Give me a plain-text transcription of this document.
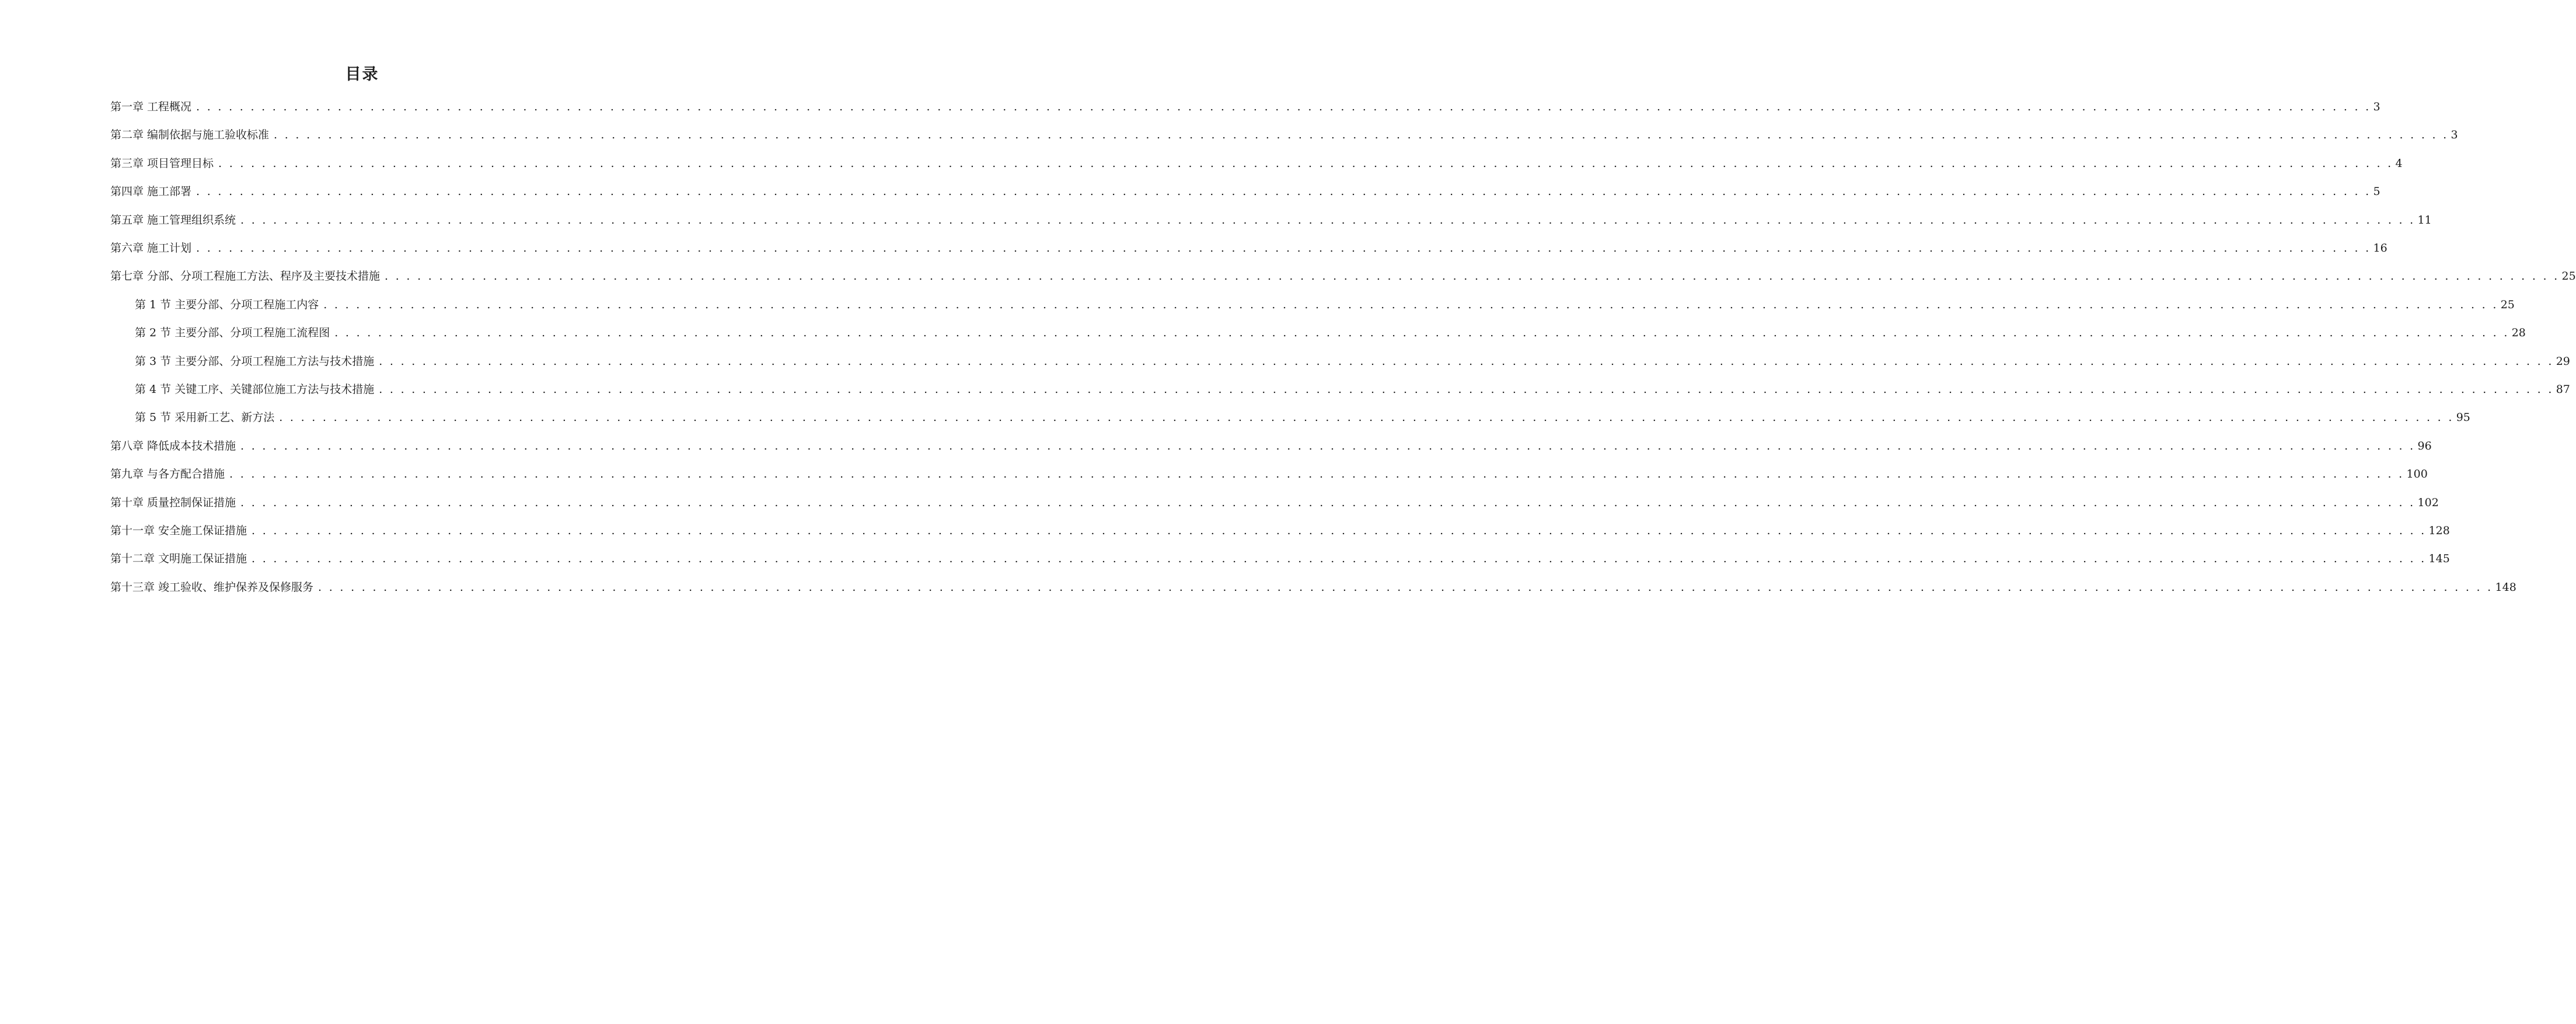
目录
第一章 工程概况 . . . . . . . . . . . . . . . . . . . . . . . . . . . . . . . . . . . . . . . . . . . . . . . . . . . . . . . . . . . . . . . . . . . . . . . . . . . . . . . . . . . . . . . . . . . . . . . . . . . . . . . . . . . . . . . . . . . . . . . . . . . . . . . . . . . . . . . . . . . . . . . . . . . . . . . . . . . . . . . . . . . . . . . . . . . . . . . . . . . . . . . . . . . . . . . . . . . . . . . . 3
第二章 编制依据与施工验收标准 . . . . . . . . . . . . . . . . . . . . . . . . . . . . . . . . . . . . . . . . . . . . . . . . . . . . . . . . . . . . . . . . . . . . . . . . . . . . . . . . . . . . . . . . . . . . . . . . . . . . . . . . . . . . . . . . . . . . . . . . . . . . . . . . . . . . . . . . . . . . . . . . . . . . . . . . . . . . . . . . . . . . . . . . . . . . . . . . . . . . . . . . . . . . . . . . . . . . . . . . 3
第三章 项目管理目标 . . . . . . . . . . . . . . . . . . . . . . . . . . . . . . . . . . . . . . . . . . . . . . . . . . . . . . . . . . . . . . . . . . . . . . . . . . . . . . . . . . . . . . . . . . . . . . . . . . . . . . . . . . . . . . . . . . . . . . . . . . . . . . . . . . . . . . . . . . . . . . . . . . . . . . . . . . . . . . . . . . . . . . . . . . . . . . . . . . . . . . . . . . . . . . . . . . . . . . . . 4
第四章 施工部署 . . . . . . . . . . . . . . . . . . . . . . . . . . . . . . . . . . . . . . . . . . . . . . . . . . . . . . . . . . . . . . . . . . . . . . . . . . . . . . . . . . . . . . . . . . . . . . . . . . . . . . . . . . . . . . . . . . . . . . . . . . . . . . . . . . . . . . . . . . . . . . . . . . . . . . . . . . . . . . . . . . . . . . . . . . . . . . . . . . . . . . . . . . . . . . . . . . . . . . . . 5
第五章 施工管理组织系统 . . . . . . . . . . . . . . . . . . . . . . . . . . . . . . . . . . . . . . . . . . . . . . . . . . . . . . . . . . . . . . . . . . . . . . . . . . . . . . . . . . . . . . . . . . . . . . . . . . . . . . . . . . . . . . . . . . . . . . . . . . . . . . . . . . . . . . . . . . . . . . . . . . . . . . . . . . . . . . . . . . . . . . . . . . . . . . . . . . . . . . . . . . . . . . . . . . . . . . . . 11
第六章 施工计划 . . . . . . . . . . . . . . . . . . . . . . . . . . . . . . . . . . . . . . . . . . . . . . . . . . . . . . . . . . . . . . . . . . . . . . . . . . . . . . . . . . . . . . . . . . . . . . . . . . . . . . . . . . . . . . . . . . . . . . . . . . . . . . . . . . . . . . . . . . . . . . . . . . . . . . . . . . . . . . . . . . . . . . . . . . . . . . . . . . . . . . . . . . . . . . . . . . . . . . . . 16
第七章 分部、分项工程施工方法、程序及主要技术措施 . . . . . . . . . . . . . . . . . . . . . . . . . . . . . . . . . . . . . . . . . . . . . . . . . . . . . . . . . . . . . . . . . . . . . . . . . . . . . . . . . . . . . . . . . . . . . . . . . . . . . . . . . . . . . . . . . . . . . . . . . . . . . . . . . . . . . . . . . . . . . . . . . . . . . . . . . . . . . . . . . . . . . . . . . . . . . . . . . . . . . . . . . . . . . . . . . . . . . . . . 25
第 1 节 主要分部、分项工程施工内容 . . . . . . . . . . . . . . . . . . . . . . . . . . . . . . . . . . . . . . . . . . . . . . . . . . . . . . . . . . . . . . . . . . . . . . . . . . . . . . . . . . . . . . . . . . . . . . . . . . . . . . . . . . . . . . . . . . . . . . . . . . . . . . . . . . . . . . . . . . . . . . . . . . . . . . . . . . . . . . . . . . . . . . . . . . . . . . . . . . . . . . . . . . . . . . . . . . . . . . . . 25
第 2 节 主要分部、分项工程施工流程图 . . . . . . . . . . . . . . . . . . . . . . . . . . . . . . . . . . . . . . . . . . . . . . . . . . . . . . . . . . . . . . . . . . . . . . . . . . . . . . . . . . . . . . . . . . . . . . . . . . . . . . . . . . . . . . . . . . . . . . . . . . . . . . . . . . . . . . . . . . . . . . . . . . . . . . . . . . . . . . . . . . . . . . . . . . . . . . . . . . . . . . . . . . . . . . . . . . . . . . . . 28
第 3 节 主要分部、分项工程施工方法与技术措施 . . . . . . . . . . . . . . . . . . . . . . . . . . . . . . . . . . . . . . . . . . . . . . . . . . . . . . . . . . . . . . . . . . . . . . . . . . . . . . . . . . . . . . . . . . . . . . . . . . . . . . . . . . . . . . . . . . . . . . . . . . . . . . . . . . . . . . . . . . . . . . . . . . . . . . . . . . . . . . . . . . . . . . . . . . . . . . . . . . . . . . . . . . . . . . . . . . . . . . . . 29
第 4 节 关键工序、关键部位施工方法与技术措施 . . . . . . . . . . . . . . . . . . . . . . . . . . . . . . . . . . . . . . . . . . . . . . . . . . . . . . . . . . . . . . . . . . . . . . . . . . . . . . . . . . . . . . . . . . . . . . . . . . . . . . . . . . . . . . . . . . . . . . . . . . . . . . . . . . . . . . . . . . . . . . . . . . . . . . . . . . . . . . . . . . . . . . . . . . . . . . . . . . . . . . . . . . . . . . . . . . . . . . . . 87
第 5 节 采用新工艺、新方法 . . . . . . . . . . . . . . . . . . . . . . . . . . . . . . . . . . . . . . . . . . . . . . . . . . . . . . . . . . . . . . . . . . . . . . . . . . . . . . . . . . . . . . . . . . . . . . . . . . . . . . . . . . . . . . . . . . . . . . . . . . . . . . . . . . . . . . . . . . . . . . . . . . . . . . . . . . . . . . . . . . . . . . . . . . . . . . . . . . . . . . . . . . . . . . . . . . . . . . . . 95
第八章 降低成本技术措施 . . . . . . . . . . . . . . . . . . . . . . . . . . . . . . . . . . . . . . . . . . . . . . . . . . . . . . . . . . . . . . . . . . . . . . . . . . . . . . . . . . . . . . . . . . . . . . . . . . . . . . . . . . . . . . . . . . . . . . . . . . . . . . . . . . . . . . . . . . . . . . . . . . . . . . . . . . . . . . . . . . . . . . . . . . . . . . . . . . . . . . . . . . . . . . . . . . . . . . . . 96
第九章 与各方配合措施 . . . . . . . . . . . . . . . . . . . . . . . . . . . . . . . . . . . . . . . . . . . . . . . . . . . . . . . . . . . . . . . . . . . . . . . . . . . . . . . . . . . . . . . . . . . . . . . . . . . . . . . . . . . . . . . . . . . . . . . . . . . . . . . . . . . . . . . . . . . . . . . . . . . . . . . . . . . . . . . . . . . . . . . . . . . . . . . . . . . . . . . . . . . . . . . . . . . . . . . . 100
第十章 质量控制保证措施 . . . . . . . . . . . . . . . . . . . . . . . . . . . . . . . . . . . . . . . . . . . . . . . . . . . . . . . . . . . . . . . . . . . . . . . . . . . . . . . . . . . . . . . . . . . . . . . . . . . . . . . . . . . . . . . . . . . . . . . . . . . . . . . . . . . . . . . . . . . . . . . . . . . . . . . . . . . . . . . . . . . . . . . . . . . . . . . . . . . . . . . . . . . . . . . . . . . . . . . . 102
第十一章 安全施工保证措施 . . . . . . . . . . . . . . . . . . . . . . . . . . . . . . . . . . . . . . . . . . . . . . . . . . . . . . . . . . . . . . . . . . . . . . . . . . . . . . . . . . . . . . . . . . . . . . . . . . . . . . . . . . . . . . . . . . . . . . . . . . . . . . . . . . . . . . . . . . . . . . . . . . . . . . . . . . . . . . . . . . . . . . . . . . . . . . . . . . . . . . . . . . . . . . . . . . . . . . . . 128
第十二章 文明施工保证措施 . . . . . . . . . . . . . . . . . . . . . . . . . . . . . . . . . . . . . . . . . . . . . . . . . . . . . . . . . . . . . . . . . . . . . . . . . . . . . . . . . . . . . . . . . . . . . . . . . . . . . . . . . . . . . . . . . . . . . . . . . . . . . . . . . . . . . . . . . . . . . . . . . . . . . . . . . . . . . . . . . . . . . . . . . . . . . . . . . . . . . . . . . . . . . . . . . . . . . . . . 145
第十三章 竣工验收、维护保养及保修服务 . . . . . . . . . . . . . . . . . . . . . . . . . . . . . . . . . . . . . . . . . . . . . . . . . . . . . . . . . . . . . . . . . . . . . . . . . . . . . . . . . . . . . . . . . . . . . . . . . . . . . . . . . . . . . . . . . . . . . . . . . . . . . . . . . . . . . . . . . . . . . . . . . . . . . . . . . . . . . . . . . . . . . . . . . . . . . . . . . . . . . . . . . . . . . . . . . . . . . . . . 148
